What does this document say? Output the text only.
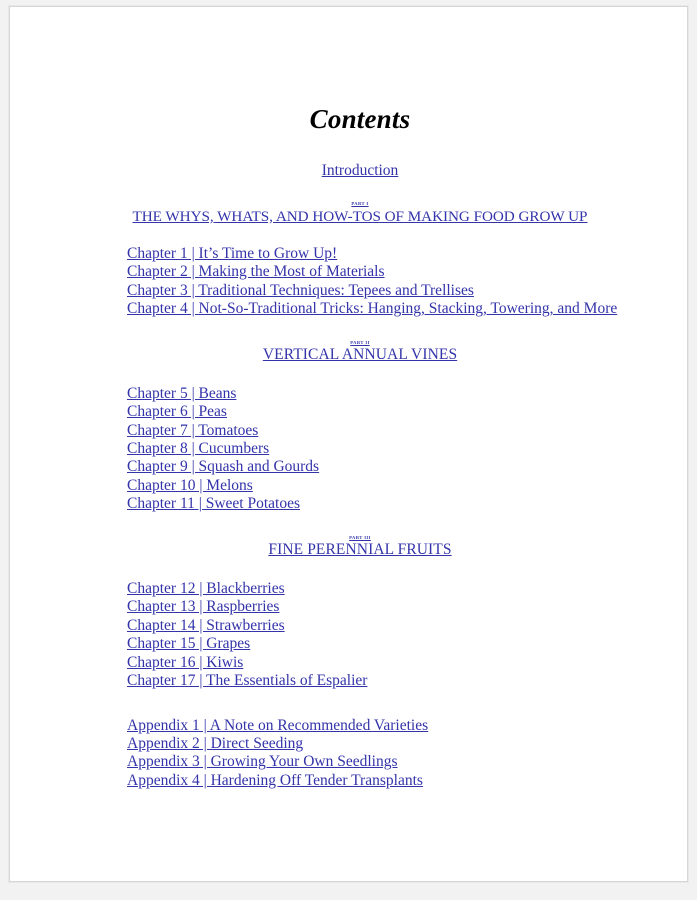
Contents
Introduction
PART I
THE WHYS, WHATS, AND HOW-TOS OF MAKING FOOD GROW UP
Chapter 1 | It’s Time to Grow Up!
Chapter 2 | Making the Most of Materials
Chapter 3 | Traditional Techniques: Tepees and Trellises
Chapter 4 | Not-So-Traditional Tricks: Hanging, Stacking, Towering, and More
PART II
VERTICAL ANNUAL VINES
Chapter 5 | Beans
Chapter 6 | Peas
Chapter 7 | Tomatoes
Chapter 8 | Cucumbers
Chapter 9 | Squash and Gourds
Chapter 10 | Melons
Chapter 11 | Sweet Potatoes
PART III
FINE PERENNIAL FRUITS
Chapter 12 | Blackberries
Chapter 13 | Raspberries
Chapter 14 | Strawberries
Chapter 15 | Grapes
Chapter 16 | Kiwis
Chapter 17 | The Essentials of Espalier
Appendix 1 | A Note on Recommended Varieties
Appendix 2 | Direct Seeding
Appendix 3 | Growing Your Own Seedlings
Appendix 4 | Hardening Off Tender Transplants
